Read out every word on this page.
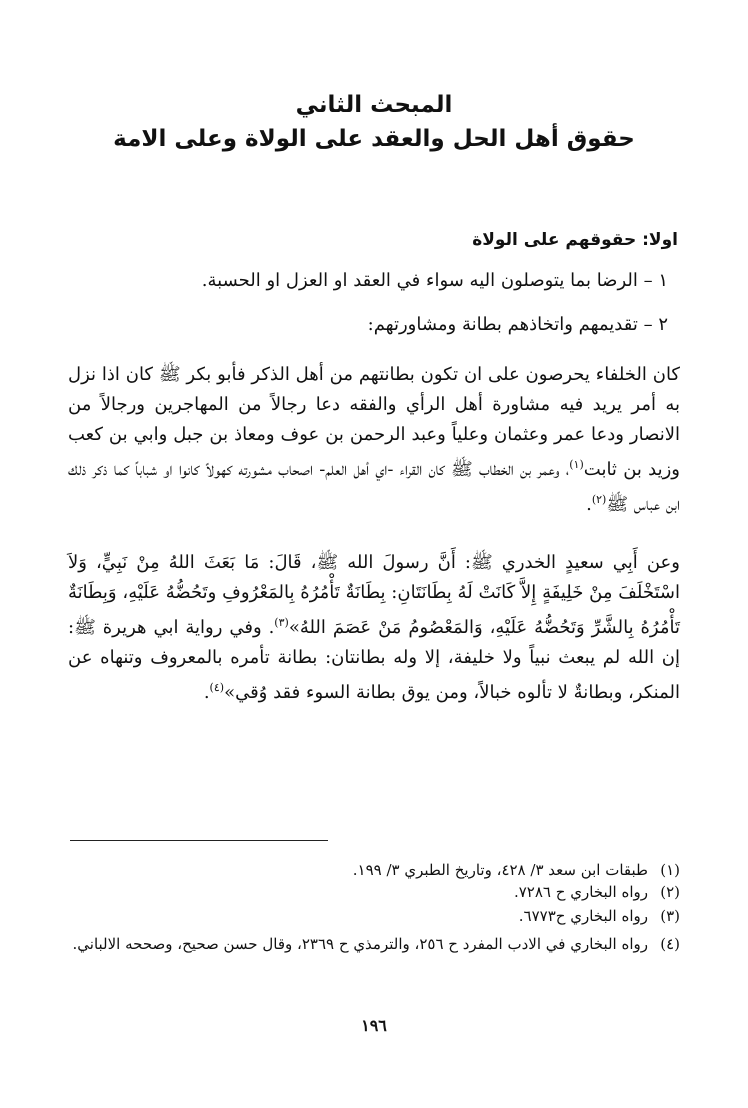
المبحث الثاني
حقوق أهل الحل والعقد على الولاة وعلى الامة
اولا: حقوقهم على الولاة
١ – الرضا بما يتوصلون اليه سواء في العقد او العزل او الحسبة.
٢ – تقديمهم واتخاذهم بطانة ومشاورتهم:
كان الخلفاء يحرصون على ان تكون بطانتهم من أهل الذكر فأبو بكر ﷺ كان اذا نزل به أمر يريد فيه مشاورة أهل الرأي والفقه دعا رجالاً من المهاجرين ورجالاً من الانصار ودعا عمر وعثمان وعلياً وعبد الرحمن بن عوف ومعاذ بن جبل وابي بن كعب وزيد بن ثابت$^{(١)}$، وعمر بن الخطاب ﷺ كان القراء -اي أهل العلم- اصحاب مشورته كهولاً كانوا او شباباً كما ذكر ذلك ابن عباس ﷺ$^{(٢)}$.
وعن أَبِي سعيدٍ الخدري ﷺ: أَنَّ رسولَ الله ﷺ، قَالَ: مَا بَعَثَ اللهُ مِنْ نَبِيٍّ، وَلاَ اسْتَخْلَفَ مِنْ خَلِيفَةٍ إِلاَّ كَانَتْ لَهُ بِطَانَتَانِ: بِطَانَةٌ تَأْمُرُهُ بِالمَعْرُوفِ وتَحُضُّهُ عَلَيْهِ، وَبِطَانَةٌ تَأْمُرُهُ بِالشَّرِّ وَتَحُضُّهُ عَلَيْهِ، وَالمَعْصُومُ مَنْ عَصَمَ اللهُ»$^{(٣)}$. وفي رواية ابي هريرة ﷺ: إن الله لم يبعث نبياً ولا خليفة، إلا وله بطانتان: بطانة تأمره بالمعروف وتنهاه عن المنكر، وبطانةٌ لا تألوه خبالاً، ومن يوق بطانة السوء فقد وُقي»$^{(٤)}$.
(١)طبقات ابن سعد ٣/ ٤٢٨، وتاريخ الطبري ٣/ ١٩٩.
(٢)رواه البخاري ح ٧٢٨٦.
(٣)رواه البخاري ح٦٧٧٣.
(٤)رواه البخاري في الادب المفرد ح ٢٥٦، والترمذي ح ٢٣٦٩، وقال حسن صحيح، وصححه الالباني.
١٩٦
